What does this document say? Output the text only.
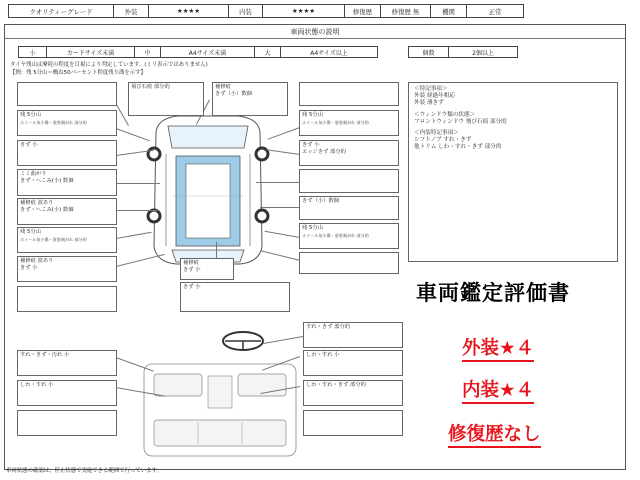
クオリティーグレード	外装	★★★★	内装	★★★★	修復歴	修復歴 無	機関	正常
車両状態の説明
小	カードサイズ未満	中	A4サイズ未満	大	A4サイズ以上	個数	2個以上
タイヤ残山は摩耗の程度を目視により判定しています。(ミリ表示ではありません)
【例：残 5分山＝概ね50パーセント程度残り溝を示す】
残 5分山
ホイール気小傷・塗装剥がれ 部分的
きず 小
ミミ曲がり
きず・へこみ(小) 数個
補修痕 波あり
きず・へこみ(小) 数個
残 5分山
ホイール気小傷・塗装剥がれ 部分的
補修痕 波あり
きず 小
飛び石痕 部分的	補修痕
きず（小）数個
残 5分山
ホイール気小傷・塗装剥がれ 部分的
きず 小
エッジきず 部分的
きず（小）数個
残 5分山
ホイール気小傷・塗装剥がれ 部分的
補修痕
きず 小
きず 小
すれ・きず 部分的
すれ・きず・汚れ 小	しわ・すれ 小
しわ・すれ 小	しわ・すれ・きず 部分的
＜特記事項＞
外装 経過年相応
外装 薄きず
＜ウィンドウ類の状態＞
フロントウィンドウ 飛び石痕 部分的
＜内装特記事項＞
シフトノブ すれ・きず
他トリム しわ・すれ・きず 部分的
車両鑑定評価書
外装★４
内装★４
修復歴なし
車両状態の確認は、停止状態で実施できる範囲で行っています。
